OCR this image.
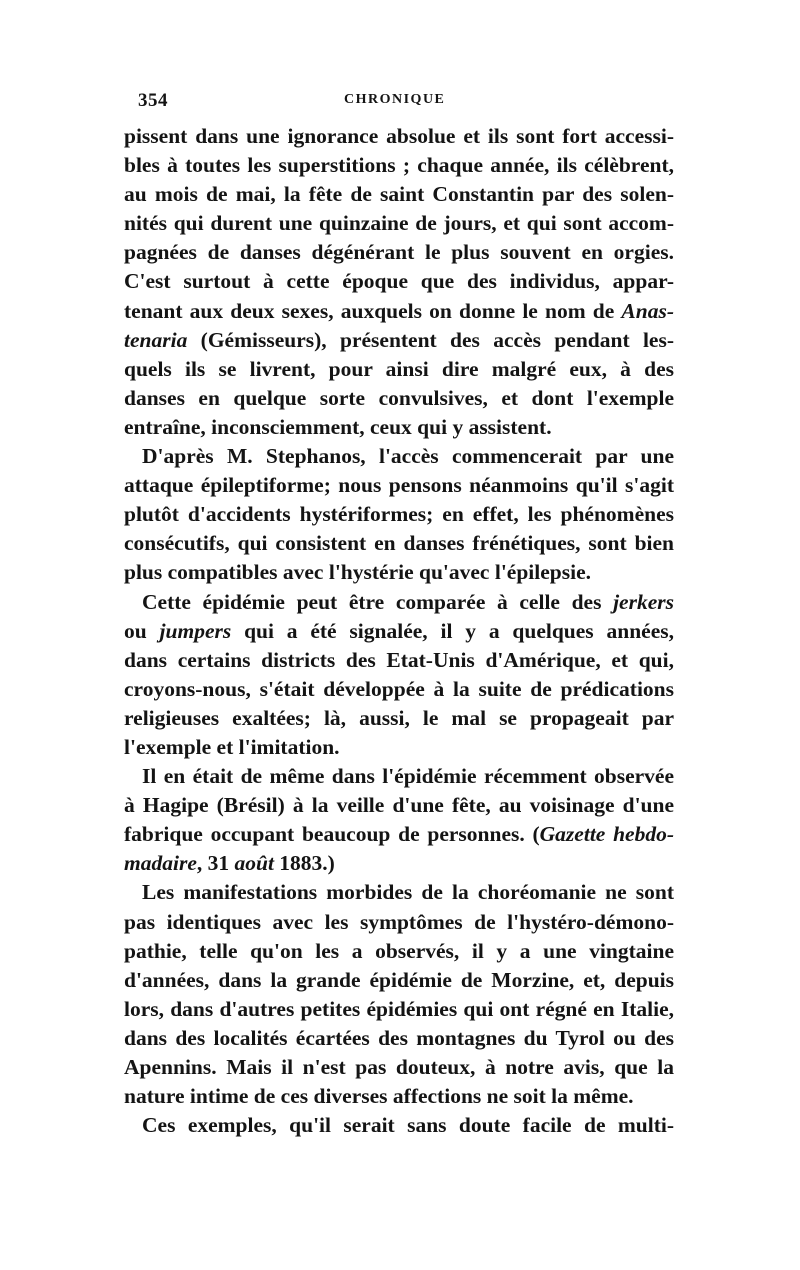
354	CHRONIQUE
pissent dans une ignorance absolue et ils sont fort accessi-
bles à toutes les superstitions ; chaque année, ils célèbrent,
au mois de mai, la fête de saint Constantin par des solen-
nités qui durent une quinzaine de jours, et qui sont accom-
pagnées de danses dégénérant le plus souvent en orgies.
C'est surtout à cette époque que des individus, appar-
tenant aux deux sexes, auxquels on donne le nom de Anas-
tenaria (Gémisseurs), présentent des accès pendant les-
quels ils se livrent, pour ainsi dire malgré eux, à des
danses en quelque sorte convulsives, et dont l'exemple
entraîne, inconsciemment, ceux qui y assistent.
D'après M. Stephanos, l'accès commencerait par une
attaque épileptiforme; nous pensons néanmoins qu'il s'agit
plutôt d'accidents hystériformes; en effet, les phénomènes
consécutifs, qui consistent en danses frénétiques, sont bien
plus compatibles avec l'hystérie qu'avec l'épilepsie.
Cette épidémie peut être comparée à celle des jerkers
ou jumpers qui a été signalée, il y a quelques années,
dans certains districts des Etat-Unis d'Amérique, et qui,
croyons-nous, s'était développée à la suite de prédications
religieuses exaltées; là, aussi, le mal se propageait par
l'exemple et l'imitation.
Il en était de même dans l'épidémie récemment observée
à Hagipe (Brésil) à la veille d'une fête, au voisinage d'une
fabrique occupant beaucoup de personnes. (Gazette hebdo-
madaire, 31 août 1883.)
Les manifestations morbides de la choréomanie ne sont
pas identiques avec les symptômes de l'hystéro-démono-
pathie, telle qu'on les a observés, il y a une vingtaine
d'années, dans la grande épidémie de Morzine, et, depuis
lors, dans d'autres petites épidémies qui ont régné en Italie,
dans des localités écartées des montagnes du Tyrol ou des
Apennins. Mais il n'est pas douteux, à notre avis, que la
nature intime de ces diverses affections ne soit la même.
Ces exemples, qu'il serait sans doute facile de multi-
